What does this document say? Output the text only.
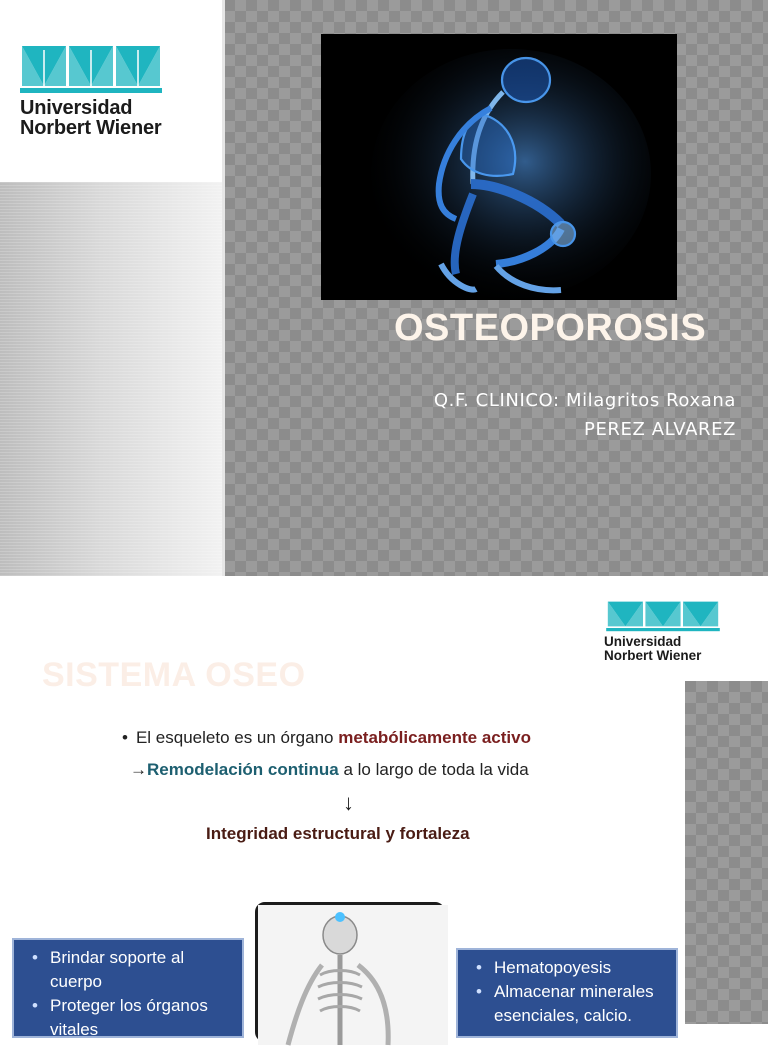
Universidad
Norbert Wiener
OSTEOPOROSIS
Q.F. CLINICO: Milagritos Roxana
PEREZ ALVAREZ
Universidad
Norbert Wiener
SISTEMA OSEO
• El esqueleto es un órgano metabólicamente activo
→Remodelación continua a lo largo de toda la vida
↓
Integridad estructural y fortaleza
• Brindar soporte al cuerpo
• Proteger los órganos vitales
• Hematopoyesis
• Almacenar minerales esenciales, calcio.
